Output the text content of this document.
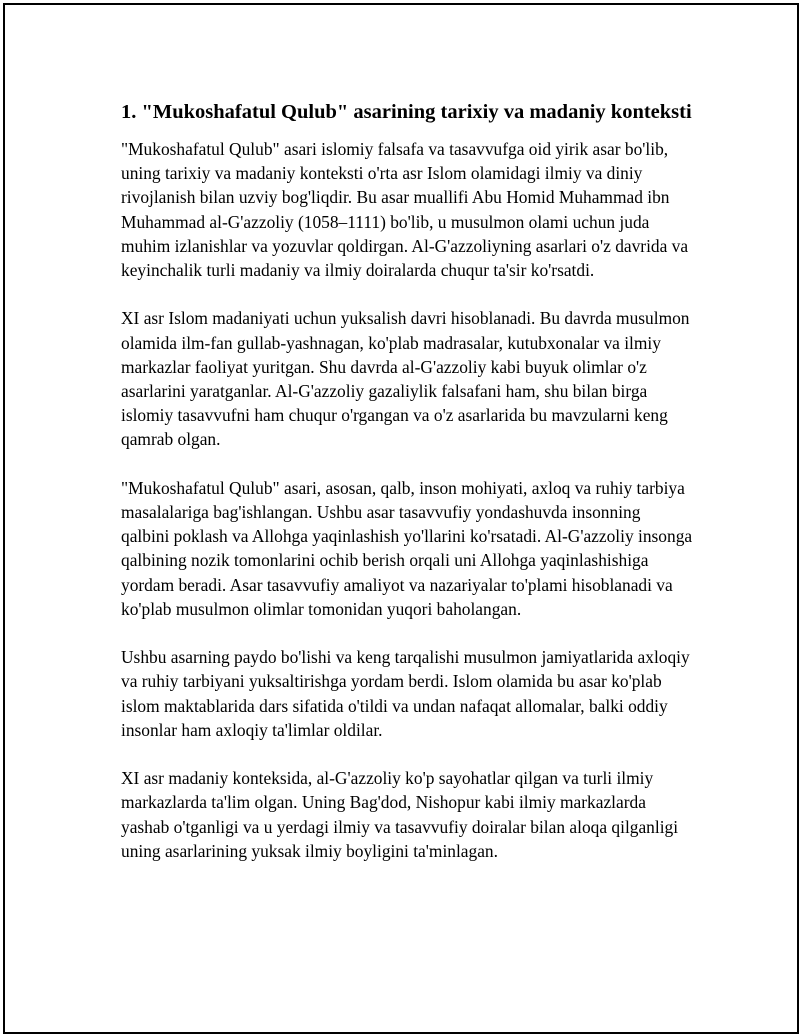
1. "Mukoshafatul Qulub" asarining tarixiy va madaniy konteksti

"Mukoshafatul Qulub" asari islomiy falsafa va tasavvufga oid yirik asar bo'lib, uning tarixiy va madaniy konteksti o'rta asr Islom olamidagi ilmiy va diniy rivojlanish bilan uzviy bog'liqdir. Bu asar muallifi Abu Homid Muhammad ibn Muhammad al-G'azzoliy (1058–1111) bo'lib, u musulmon olami uchun juda muhim izlanishlar va yozuvlar qoldirgan. Al-G'azzoliyning asarlari o'z davrida va keyinchalik turli madaniy va ilmiy doiralarda chuqur ta'sir ko'rsatdi.

XI asr Islom madaniyati uchun yuksalish davri hisoblanadi. Bu davrda musulmon olamida ilm-fan gullab-yashnagan, ko'plab madrasalar, kutubxonalar va ilmiy markazlar faoliyat yuritgan. Shu davrda al-G'azzoliy kabi buyuk olimlar o'z asarlarini yaratganlar. Al-G'azzoliy gazaliylik falsafani ham, shu bilan birga islomiy tasavvufni ham chuqur o'rgangan va o'z asarlarida bu mavzularni keng qamrab olgan.

"Mukoshafatul Qulub" asari, asosan, qalb, inson mohiyati, axloq va ruhiy tarbiya masalalariga bag'ishlangan. Ushbu asar tasavvufiy yondashuvda insonning qalbini poklash va Allohga yaqinlashish yo'llarini ko'rsatadi. Al-G'azzoliy insonga qalbining nozik tomonlarini ochib berish orqali uni Allohga yaqinlashishiga yordam beradi. Asar tasavvufiy amaliyot va nazariyalar to'plami hisoblanadi va ko'plab musulmon olimlar tomonidan yuqori baholangan.

Ushbu asarning paydo bo'lishi va keng tarqalishi musulmon jamiyatlarida axloqiy va ruhiy tarbiyani yuksaltirishga yordam berdi. Islom olamida bu asar ko'plab islom maktablarida dars sifatida o'tildi va undan nafaqat allomalar, balki oddiy insonlar ham axloqiy ta'limlar oldilar.

XI asr madaniy konteksida, al-G'azzoliy ko'p sayohatlar qilgan va turli ilmiy markazlarda ta'lim olgan. Uning Bag'dod, Nishopur kabi ilmiy markazlarda yashab o'tganligi va u yerdagi ilmiy va tasavvufiy doiralar bilan aloqa qilganligi uning asarlarining yuksak ilmiy boyligini ta'minlagan.
